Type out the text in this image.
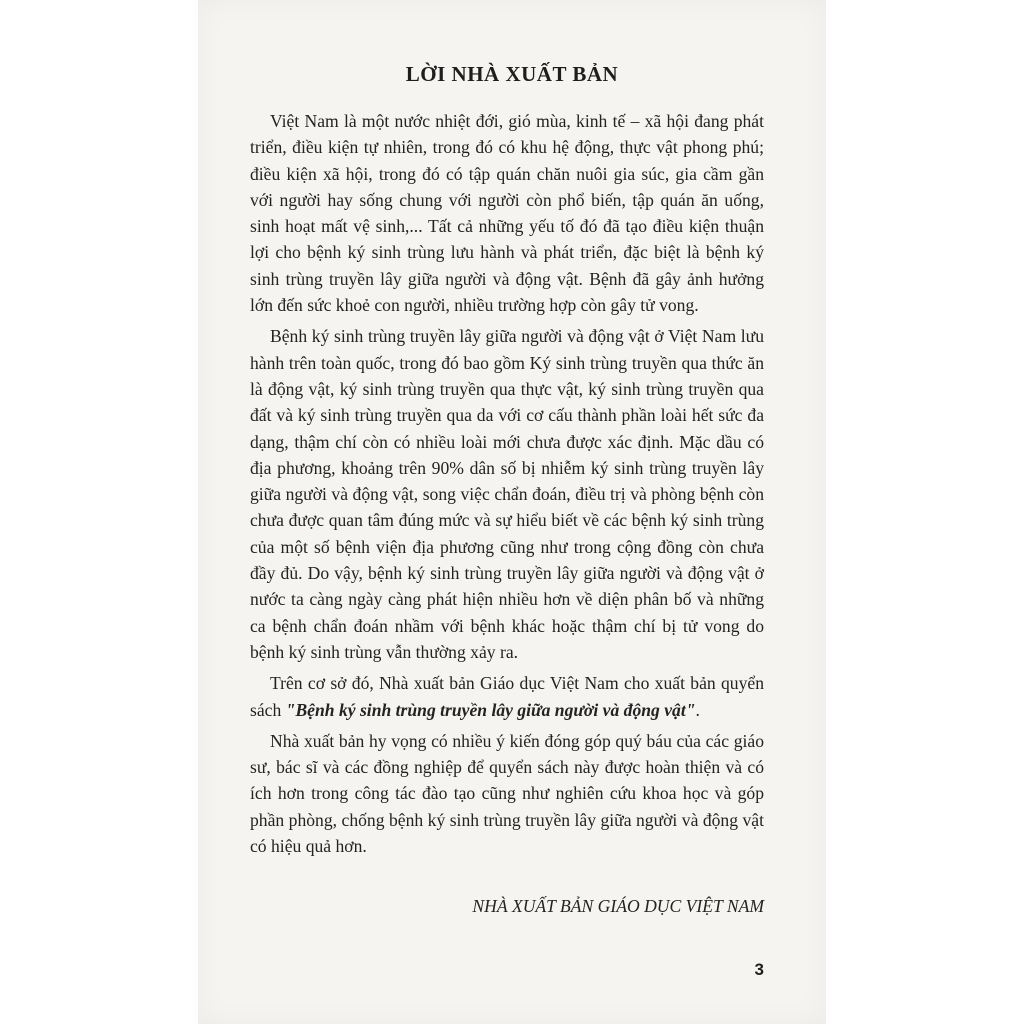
LỜI NHÀ XUẤT BẢN

Việt Nam là một nước nhiệt đới, gió mùa, kinh tế – xã hội đang phát triển, điều kiện tự nhiên, trong đó có khu hệ động, thực vật phong phú; điều kiện xã hội, trong đó có tập quán chăn nuôi gia súc, gia cầm gần với người hay sống chung với người còn phổ biến, tập quán ăn uống, sinh hoạt mất vệ sinh,... Tất cả những yếu tố đó đã tạo điều kiện thuận lợi cho bệnh ký sinh trùng lưu hành và phát triển, đặc biệt là bệnh ký sinh trùng truyền lây giữa người và động vật. Bệnh đã gây ảnh hưởng lớn đến sức khoẻ con người, nhiều trường hợp còn gây tử vong.

Bệnh ký sinh trùng truyền lây giữa người và động vật ở Việt Nam lưu hành trên toàn quốc, trong đó bao gồm Ký sinh trùng truyền qua thức ăn là động vật, ký sinh trùng truyền qua thực vật, ký sinh trùng truyền qua đất và ký sinh trùng truyền qua da với cơ cấu thành phần loài hết sức đa dạng, thậm chí còn có nhiều loài mới chưa được xác định. Mặc dầu có địa phương, khoảng trên 90% dân số bị nhiễm ký sinh trùng truyền lây giữa người và động vật, song việc chẩn đoán, điều trị và phòng bệnh còn chưa được quan tâm đúng mức và sự hiểu biết về các bệnh ký sinh trùng của một số bệnh viện địa phương cũng như trong cộng đồng còn chưa đầy đủ. Do vậy, bệnh ký sinh trùng truyền lây giữa người và động vật ở nước ta càng ngày càng phát hiện nhiều hơn về diện phân bố và những ca bệnh chẩn đoán nhầm với bệnh khác hoặc thậm chí bị tử vong do bệnh ký sinh trùng vẫn thường xảy ra.

Trên cơ sở đó, Nhà xuất bản Giáo dục Việt Nam cho xuất bản quyển sách "Bệnh ký sinh trùng truyền lây giữa người và động vật".

Nhà xuất bản hy vọng có nhiều ý kiến đóng góp quý báu của các giáo sư, bác sĩ và các đồng nghiệp để quyển sách này được hoàn thiện và có ích hơn trong công tác đào tạo cũng như nghiên cứu khoa học và góp phần phòng, chống bệnh ký sinh trùng truyền lây giữa người và động vật có hiệu quả hơn.

NHÀ XUẤT BẢN GIÁO DỤC VIỆT NAM
3
